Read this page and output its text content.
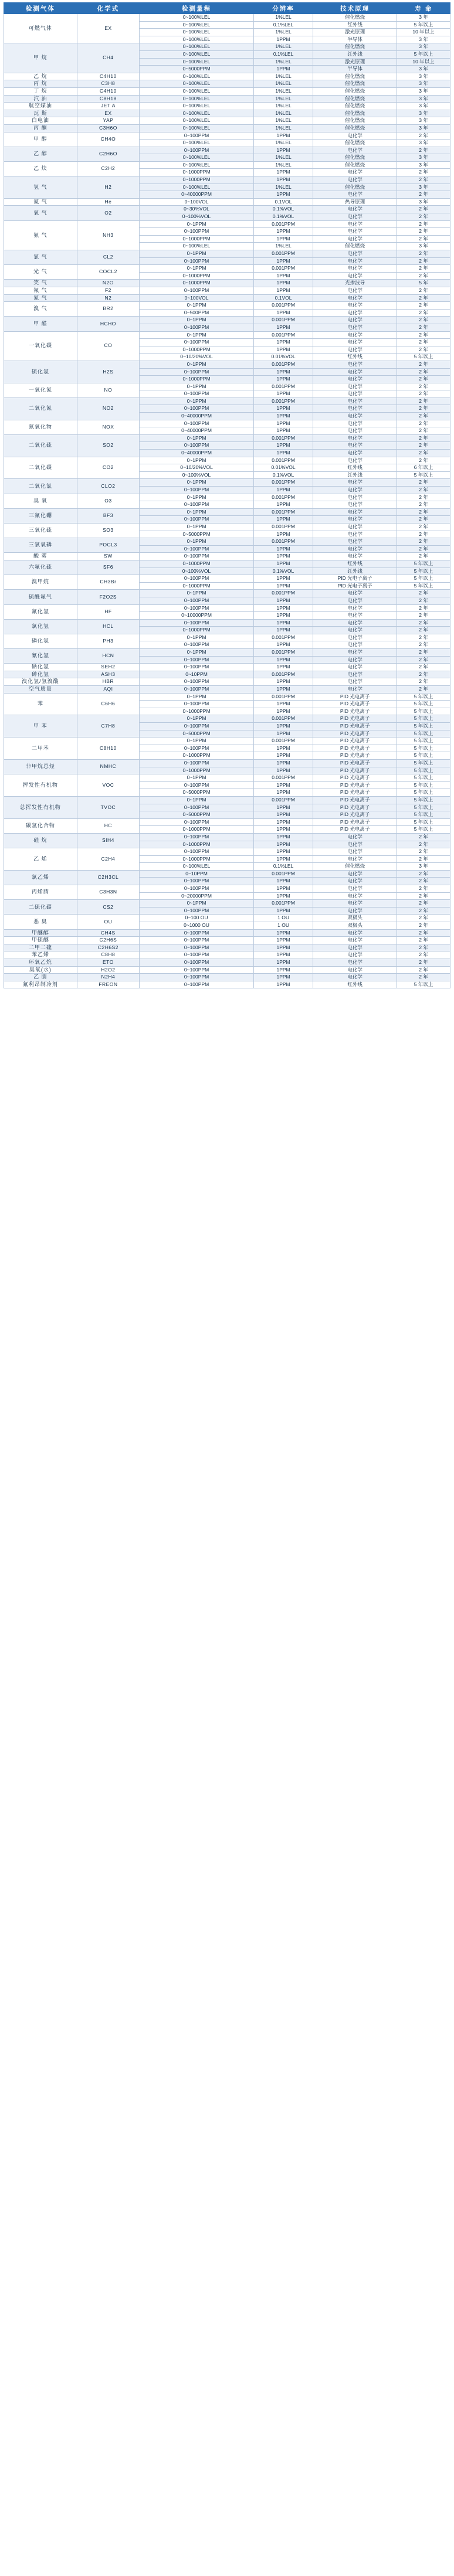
检测气体	化学式	检测量程	分辨率	技术原理	寿 命
可燃气体	EX	0~100%LEL	1%LEL	催化燃烧	3 年
		0~100%LEL	0.1%LEL	红外线	5 年以上
		0~100%LEL	1%LEL	激光原理	10 年以上
		0~100%LEL	1PPM	半导体	3 年
甲 烷	CH4	0~100%LEL	1%LEL	催化燃烧	3 年
		0~100%LEL	0.1%LEL	红外线	5 年以上
		0~100%LEL	1%LEL	激光原理	10 年以上
		0~5000PPM	1PPM	半导体	3 年
乙 烷	C4H10	0~100%LEL	1%LEL	催化燃烧	3 年
丙 烷	C3H8	0~100%LEL	1%LEL	催化燃烧	3 年
丁 烷	C4H10	0~100%LEL	1%LEL	催化燃烧	3 年
汽 油	C8H18	0~100%LEL	1%LEL	催化燃烧	3 年
航空煤油	JET A	0~100%LEL	1%LEL	催化燃烧	3 年
瓦 斯	EX	0~100%LEL	1%LEL	催化燃烧	3 年
白电油	YAP	0~100%LEL	1%LEL	催化燃烧	3 年
丙 酮	C3H6O	0~100%LEL	1%LEL	催化燃烧	3 年
甲 醇	CH4O	0~100PPM	1PPM	电化学	2 年
		0~100%LEL	1%LEL	催化燃烧	3 年
乙 醇	C2H6O	0~100PPM	1PPM	电化学	2 年
		0~100%LEL	1%LEL	催化燃烧	3 年
乙 炔	C2H2	0~100%LEL	1%LEL	催化燃烧	3 年
		0~1000PPM	1PPM	电化学	2 年
氢 气	H2	0~1000PPM	1PPM	电化学	2 年
		0~100%LEL	1%LEL	催化燃烧	3 年
		0~40000PPM	1PPM	电化学	2 年
氦 气	He	0~100VOL	0.1VOL	热导原理	3 年
氧 气	O2	0~30%VOL	0.1%VOL	电化学	2 年
		0~100%VOL	0.1%VOL	电化学	2 年
氨 气	NH3	0~1PPM	0.001PPM	电化学	2 年
		0~100PPM	1PPM	电化学	2 年
		0~1000PPM	1PPM	电化学	2 年
		0~100%LEL	1%LEL	催化燃烧	3 年
氯 气	CL2	0~1PPM	0.001PPM	电化学	2 年
		0~100PPM	1PPM	电化学	2 年
光 气	COCL2	0~1PPM	0.001PPM	电化学	2 年
		0~1000PPM	1PPM	电化学	2 年
笑 气	N2O	0~1000PPM	1PPM	光掺波导	5 年
氟 气	F2	0~100PPM	1PPM	电化学	2 年
氮 气	N2	0~100VOL	0.1VOL	电化学	2 年
溴 气	BR2	0~1PPM	0.001PPM	电化学	2 年
		0~500PPM	1PPM	电化学	2 年
甲 醛	HCHO	0~1PPM	0.001PPM	电化学	2 年
		0~100PPM	1PPM	电化学	2 年
一氧化碳	CO	0~1PPM	0.001PPM	电化学	2 年
		0~100PPM	1PPM	电化学	2 年
		0~1000PPM	1PPM	电化学	2 年
		0~10/20%VOL	0.01%VOL	红外线	5 年以上
硫化氢	H2S	0~1PPM	0.001PPM	电化学	2 年
		0~100PPM	1PPM	电化学	2 年
		0~1000PPM	1PPM	电化学	2 年
一氧化氮	NO	0~1PPM	0.001PPM	电化学	2 年
		0~100PPM	1PPM	电化学	2 年
二氧化氮	NO2	0~1PPM	0.001PPM	电化学	2 年
		0~100PPM	1PPM	电化学	2 年
		0~40000PPM	1PPM	电化学	2 年
氮氧化物	NOX	0~100PPM	1PPM	电化学	2 年
		0~40000PPM	1PPM	电化学	2 年
二氧化硫	SO2	0~1PPM	0.001PPM	电化学	2 年
		0~100PPM	1PPM	电化学	2 年
		0~40000PPM	1PPM	电化学	2 年
二氧化碳	CO2	0~1PPM	0.001PPM	电化学	2 年
		0~10/20%VOL	0.01%VOL	红外线	6 年以上
		0~100%VOL	0.1%VOL	红外线	5 年以上
二氧化氯	CLO2	0~1PPM	0.001PPM	电化学	2 年
		0~100PPM	1PPM	电化学	2 年
臭 氧	O3	0~1PPM	0.001PPM	电化学	2 年
		0~100PPM	1PPM	电化学	2 年
三氟化硼	BF3	0~1PPM	0.001PPM	电化学	2 年
		0~100PPM	1PPM	电化学	2 年
三氧化硫	SO3	0~1PPM	0.001PPM	电化学	2 年
		0~5000PPM	1PPM	电化学	2 年
三氯氧磷	POCL3	0~1PPM	0.001PPM	电化学	2 年
		0~100PPM	1PPM	电化学	2 年
酸 雾	SW	0~100PPM	1PPM	电化学	2 年
六氟化硫	SF6	0~1000PPM	1PPM	红外线	5 年以上
		0~100%VOL	0.1%VOL	红外线	5 年以上
溴甲烷	CH3Br	0~100PPM	1PPM	PID 光电子离子	5 年以上
		0~1000PPM	1PPM	PID 光电子离子	5 年以上
硫酰氟气	F2O2S	0~1PPM	0.001PPM	电化学	2 年
		0~100PPM	1PPM	电化学	2 年
氟化氢	HF	0~100PPM	1PPM	电化学	2 年
		0~10000PPM	1PPM	电化学	2 年
氯化氢	HCL	0~100PPM	1PPM	电化学	2 年
		0~1000PPM	1PPM	电化学	2 年
磷化氢	PH3	0~1PPM	0.001PPM	电化学	2 年
		0~100PPM	1PPM	电化学	2 年
氰化氢	HCN	0~1PPM	0.001PPM	电化学	2 年
		0~100PPM	1PPM	电化学	2 年
硒化氢	SEH2	0~100PPM	1PPM	电化学	2 年
砷化氢	ASH3	0~10PPM	0.001PPM	电化学	2 年
溴化氢/氢溴酸	HBR	0~100PPM	1PPM	电化学	2 年
空气质量	AQI	0~100PPM	1PPM	电化学	2 年
苯	C6H6	0~1PPM	0.001PPM	PID 光电离子	5 年以上
		0~100PPM	1PPM	PID 光电离子	5 年以上
		0~1000PPM	1PPM	PID 光电离子	5 年以上
甲 苯	C7H8	0~1PPM	0.001PPM	PID 光电离子	5 年以上
		0~100PPM	1PPM	PID 光电离子	5 年以上
		0~5000PPM	1PPM	PID 光电离子	5 年以上
二甲苯	C8H10	0~1PPM	0.001PPM	PID 光电离子	5 年以上
		0~100PPM	1PPM	PID 光电离子	5 年以上
		0~1000PPM	1PPM	PID 光电离子	5 年以上
非甲烷总烃	NMHC	0~100PPM	1PPM	PID 光电离子	5 年以上
		0~1000PPM	1PPM	PID 光电离子	5 年以上
挥发性有机物	VOC	0~1PPM	0.001PPM	PID 光电离子	5 年以上
		0~100PPM	1PPM	PID 光电离子	5 年以上
		0~5000PPM	1PPM	PID 光电离子	5 年以上
总挥发性有机物	TVOC	0~1PPM	0.001PPM	PID 光电离子	5 年以上
		0~100PPM	1PPM	PID 光电离子	5 年以上
		0~5000PPM	1PPM	PID 光电离子	5 年以上
碳氢化合物	HC	0~100PPM	1PPM	PID 光电离子	5 年以上
		0~1000PPM	1PPM	PID 光电离子	5 年以上
硅 烷	SIH4	0~100PPM	1PPM	电化学	2 年
		0~1000PPM	1PPM	电化学	2 年
乙 烯	C2H4	0~100PPM	1PPM	电化学	2 年
		0~1000PPM	1PPM	电化学	2 年
		0~100%LEL	0.1%LEL	催化燃烧	3 年
氯乙烯	C2H3CL	0~10PPM	0.001PPM	电化学	2 年
		0~100PPM	1PPM	电化学	2 年
丙烯腈	C3H3N	0~100PPM	1PPM	电化学	2 年
		0~20000PPM	1PPM	电化学	2 年
二硫化碳	CS2	0~1PPM	0.001PPM	电化学	2 年
		0~100PPM	1PPM	电化学	2 年
恶 臭	OU	0~100 OU	1 OU	双极头	2 年
		0~1000 OU	1 OU	双极头	2 年
甲醚醇	CH4S	0~100PPM	1PPM	电化学	2 年
甲硫醚	C2H6S	0~100PPM	1PPM	电化学	2 年
二甲二硫	C2H6S2	0~100PPM	1PPM	电化学	2 年
苯乙烯	C8H8	0~100PPM	1PPM	电化学	2 年
环氧乙烷	ETO	0~100PPM	1PPM	电化学	2 年
臭氧(水)	H2O2	0~100PPM	1PPM	电化学	2 年
乙 腈	N2H4	0~100PPM	1PPM	电化学	2 年
氟利昂制冷剂	FREON	0~100PPM	1PPM	红外线	5 年以上
